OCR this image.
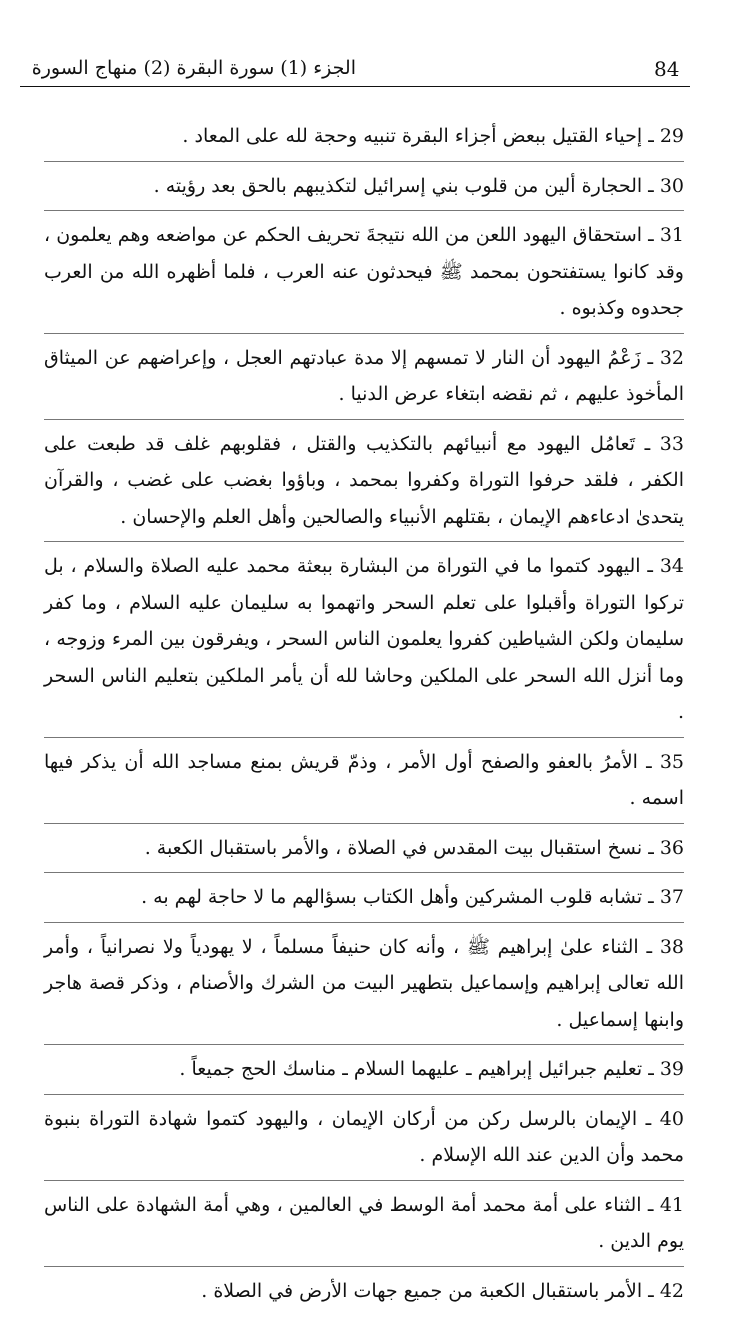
84
الجزء (1) سورة البقرة (2) منهاج السورة
29 ـ إحياء القتيل ببعض أجزاء البقرة تنبيه وحجة لله على المعاد .
30 ـ الحجارة ألين من قلوب بني إسرائيل لتكذيبهم بالحق بعد رؤيته .
31 ـ استحقاق اليهود اللعن من الله نتيجةَ تحريف الحكم عن مواضعه وهم يعلمون ، وقد كانوا يستفتحون بمحمد ﷺ فيحدثون عنه العرب ، فلما أظهره الله من العرب جحدوه وكذبوه .
32 ـ زَعْمُ اليهود أن النار لا تمسهم إلا مدة عبادتهم العجل ، وإعراضهم عن الميثاق المأخوذ عليهم ، ثم نقضه ابتغاء عرض الدنيا .
33 ـ تَعامُل اليهود مع أنبيائهم بالتكذيب والقتل ، فقلوبهم غلف قد طبعت على الكفر ، فلقد حرفوا التوراة وكفروا بمحمد ، وباؤوا بغضب على غضب ، والقرآن يتحدىٰ ادعاءهم الإيمان ، بقتلهم الأنبياء والصالحين وأهل العلم والإحسان .
34 ـ اليهود كتموا ما في التوراة من البشارة ببعثة محمد عليه الصلاة والسلام ، بل تركوا التوراة وأقبلوا على تعلم السحر واتهموا به سليمان عليه السلام ، وما كفر سليمان ولكن الشياطين كفروا يعلمون الناس السحر ، ويفرقون بين المرء وزوجه ، وما أنزل الله السحر على الملكين وحاشا لله أن يأمر الملكين بتعليم الناس السحر .
35 ـ الأمرُ بالعفو والصفح أول الأمر ، وذمّ قريش بمنع مساجد الله أن يذكر فيها اسمه .
36 ـ نسخ استقبال بيت المقدس في الصلاة ، والأمر باستقبال الكعبة .
37 ـ تشابه قلوب المشركين وأهل الكتاب بسؤالهم ما لا حاجة لهم به .
38 ـ الثناء علىٰ إبراهيم ﷺ ، وأنه كان حنيفاً مسلماً ، لا يهودياً ولا نصرانياً ، وأمر الله تعالى إبراهيم وإسماعيل بتطهير البيت من الشرك والأصنام ، وذكر قصة هاجر وابنها إسماعيل .
39 ـ تعليم جبرائيل إبراهيم ـ عليهما السلام ـ مناسك الحج جميعاً .
40 ـ الإيمان بالرسل ركن من أركان الإيمان ، واليهود كتموا شهادة التوراة بنبوة محمد وأن الدين عند الله الإسلام .
41 ـ الثناء على أمة محمد أمة الوسط في العالمين ، وهي أمة الشهادة على الناس يوم الدين .
42 ـ الأمر باستقبال الكعبة من جميع جهات الأرض في الصلاة .
